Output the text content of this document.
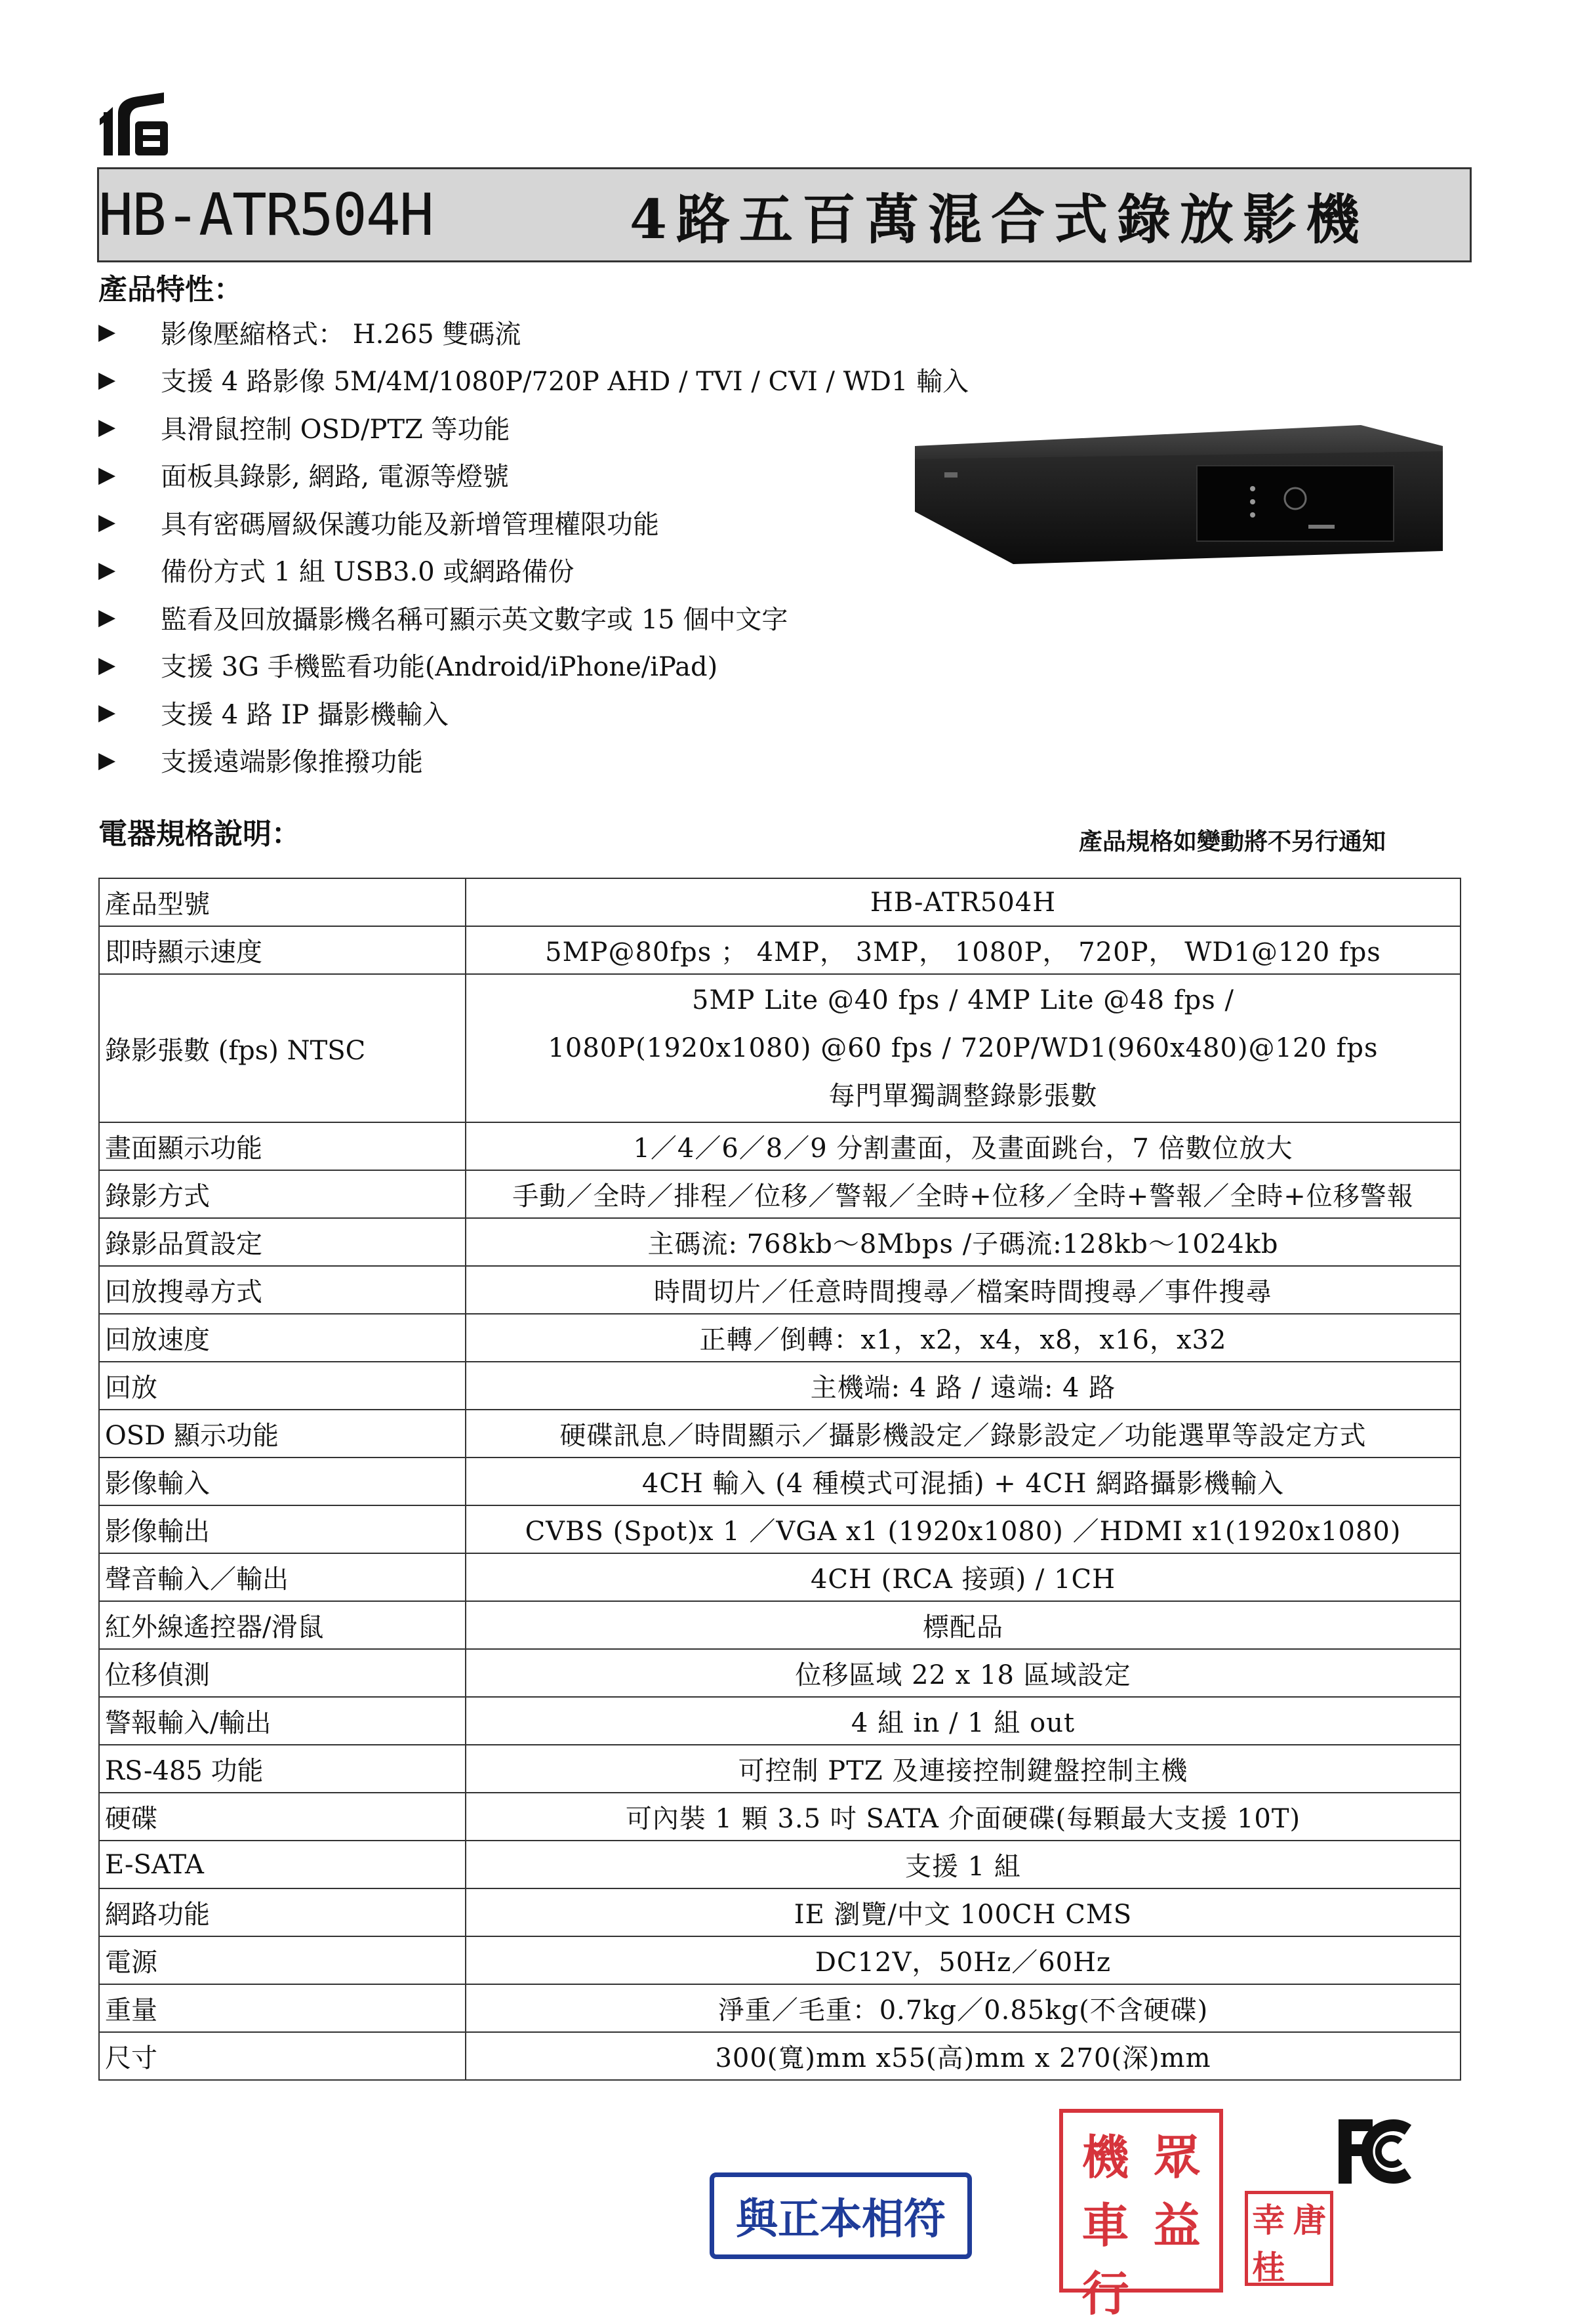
HB-ATR504H	4路五百萬混合式錄放影機
產品特性：
▶	影像壓縮格式： H.265 雙碼流
▶	支援 4 路影像 5M/4M/1080P/720P AHD / TVI / CVI / WD1 輸入
▶	具滑鼠控制 OSD/PTZ 等功能
▶	面板具錄影, 網路, 電源等燈號
▶	具有密碼層級保護功能及新增管理權限功能
▶	備份方式 1 組 USB3.0 或網路備份
▶	監看及回放攝影機名稱可顯示英文數字或 15 個中文字
▶	支援 3G 手機監看功能(Android/iPhone/iPad)
▶	支援 4 路 IP 攝影機輸入
▶	支援遠端影像推撥功能
電器規格說明：	產品規格如變動將不另行通知
產品型號	HB-ATR504H
即時顯示速度	5MP@80fps ； 4MP， 3MP， 1080P， 720P， WD1@120 fps
錄影張數 (fps) NTSC	5MP Lite @40 fps / 4MP Lite @48 fps /
1080P(1920x1080) @60 fps / 720P/WD1(960x480)@120 fps
每門單獨調整錄影張數

畫面顯示功能	1／4／6／8／9 分割畫面，及畫面跳台，7 倍數位放大
錄影方式	手動／全時／排程／位移／警報／全時+位移／全時+警報／全時+位移警報
錄影品質設定	主碼流: 768kb～8Mbps /子碼流:128kb～1024kb
回放搜尋方式	時間切片／任意時間搜尋／檔案時間搜尋／事件搜尋
回放速度	正轉／倒轉：x1，x2，x4，x8，x16，x32
回放	主機端: 4 路 / 遠端: 4 路
OSD 顯示功能	硬碟訊息／時間顯示／攝影機設定／錄影設定／功能選單等設定方式
影像輸入	4CH 輸入 (4 種模式可混插) + 4CH 網路攝影機輸入
影像輸出	CVBS (Spot)x 1 ／VGA x1 (1920x1080) ／HDMI x1(1920x1080)
聲音輸入／輸出	4CH (RCA 接頭) / 1CH
紅外線遙控器/滑鼠	標配品
位移偵測	位移區域 22 x 18 區域設定
警報輸入/輸出	4 組 in / 1 組 out
RS-485 功能	可控制 PTZ 及連接控制鍵盤控制主機
硬碟	可內裝 1 顆 3.5 吋 SATA 介面硬碟(每顆最大支援 10T)
E-SATA	支援 1 組
網路功能	IE 瀏覽/中文 100CH CMS
電源	DC12V，50Hz／60Hz
重量	淨重／毛重：0.7kg／0.85kg(不含硬碟)
尺寸	300(寬)mm x55(高)mm x 270(深)mm
與正本相符
機 眾
車 益
行
幸 唐
桂
